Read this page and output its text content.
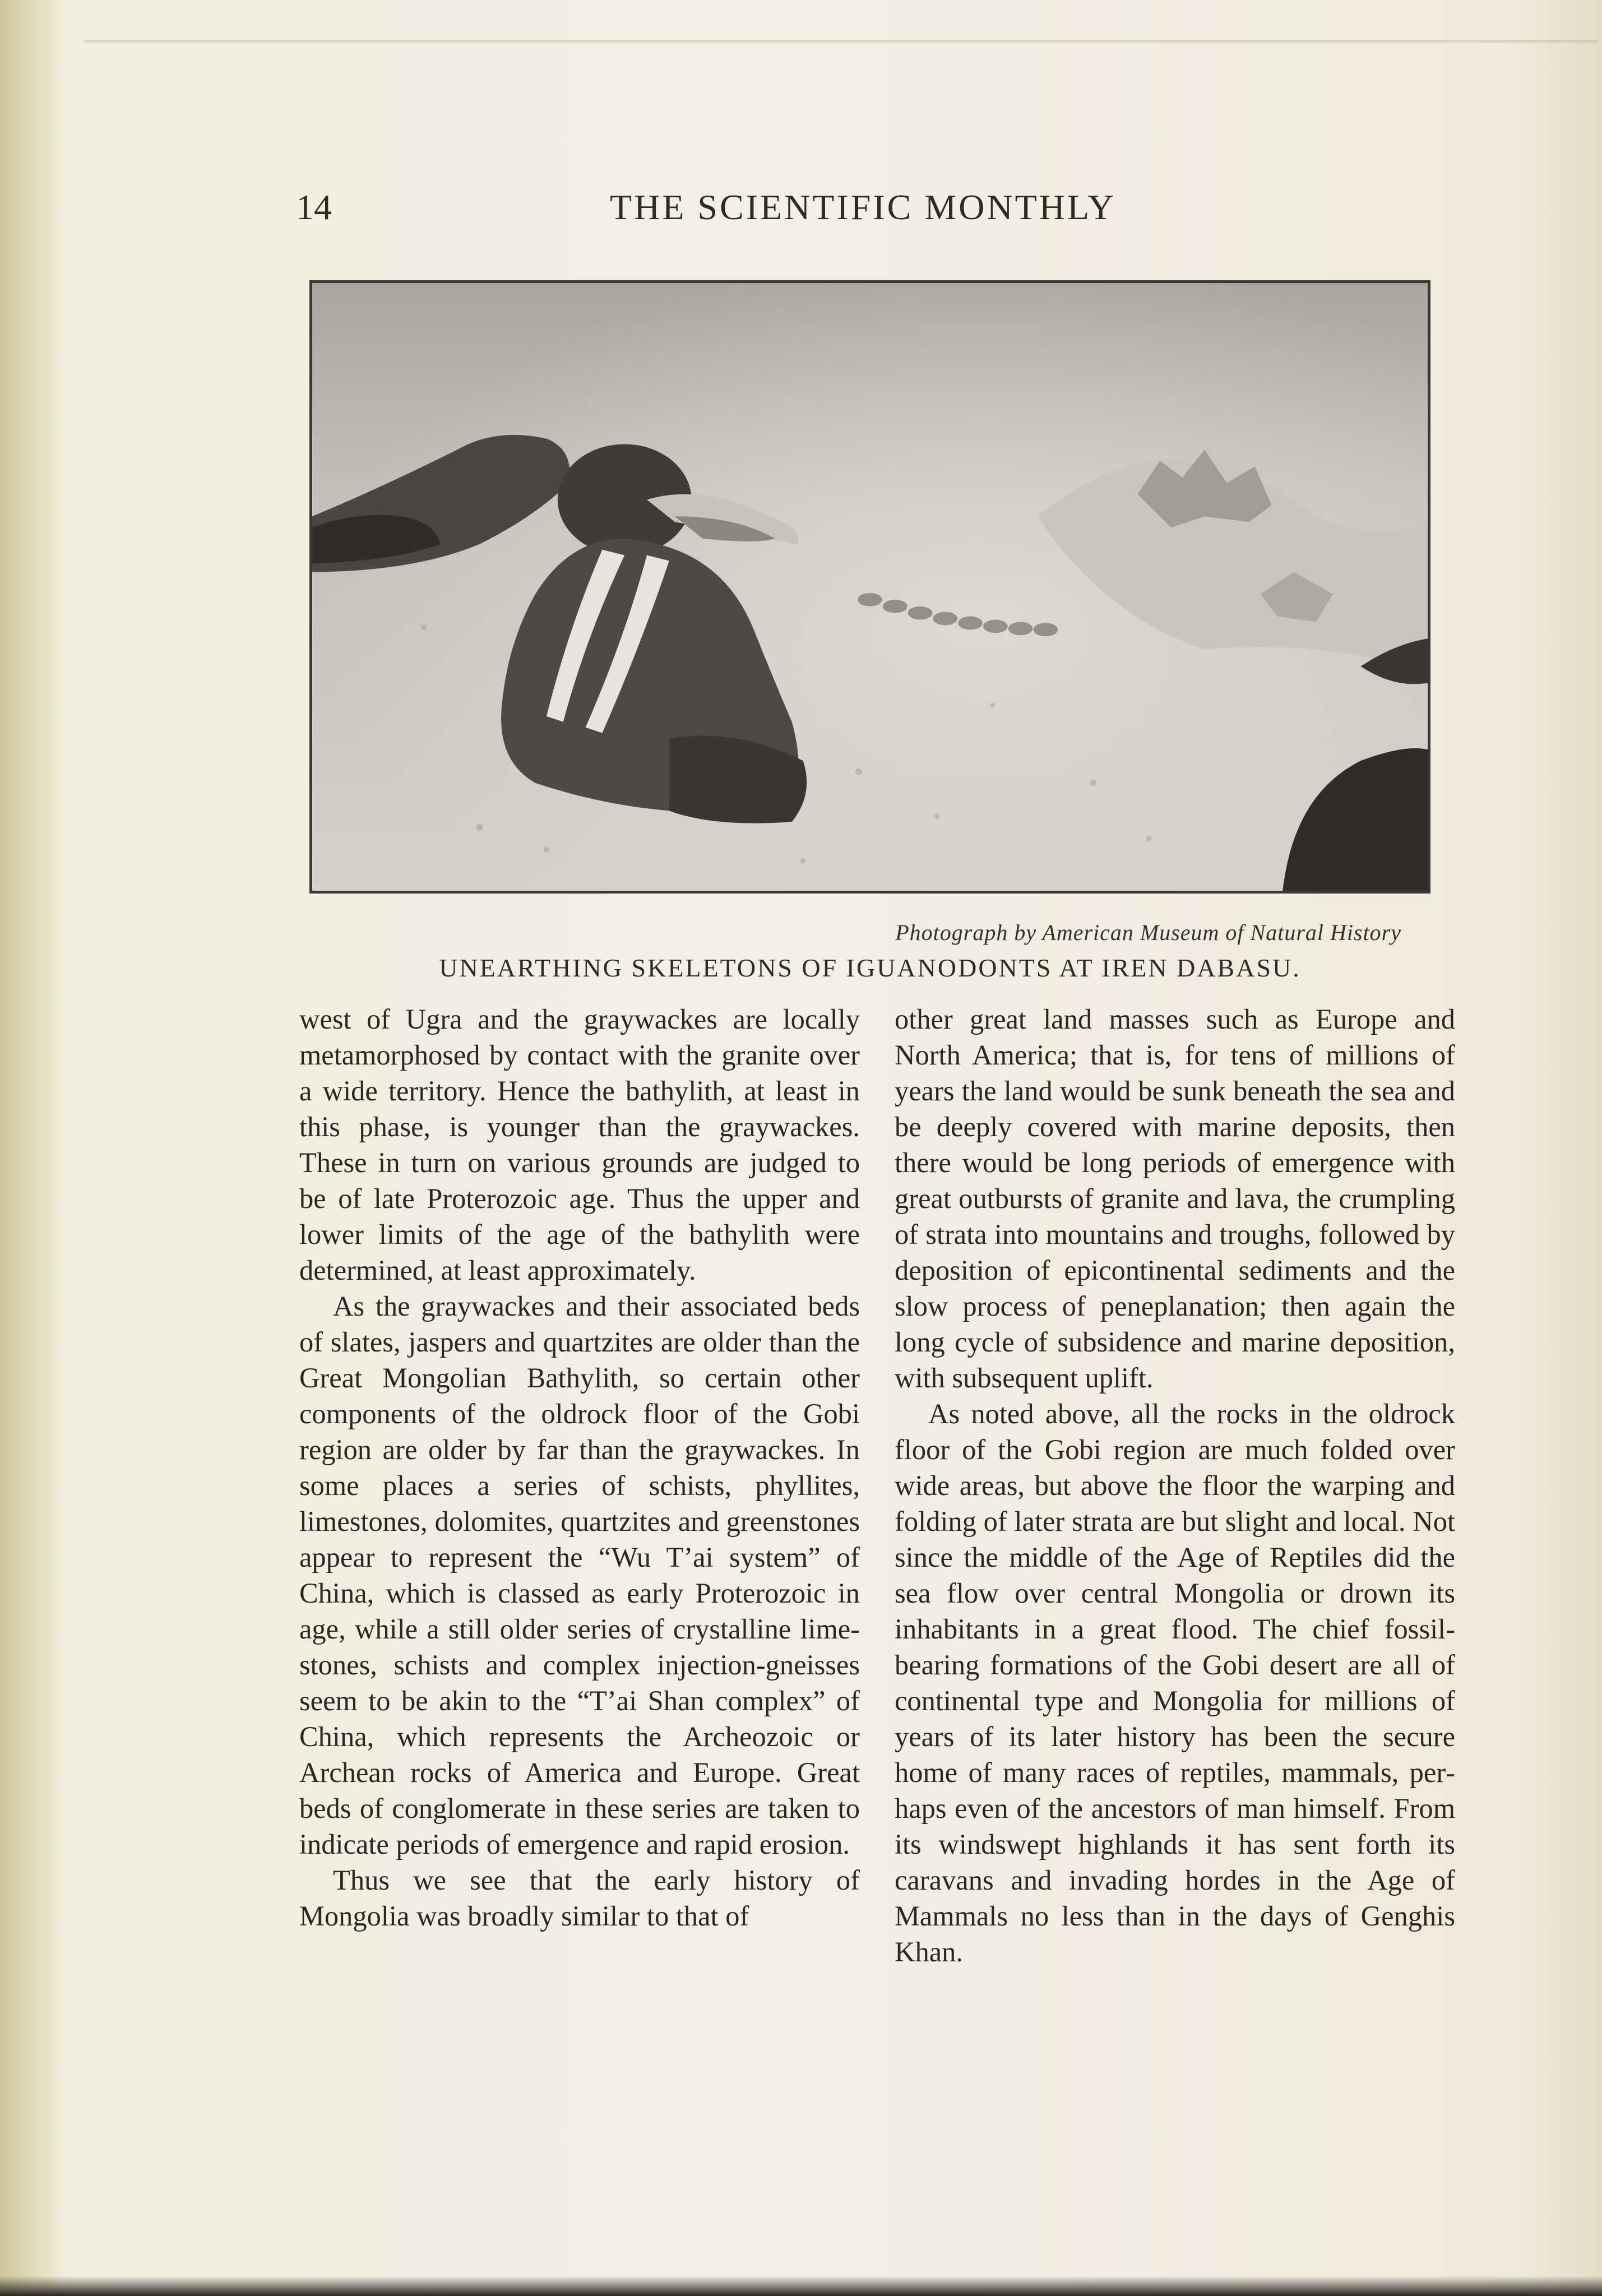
14	THE SCIENTIFIC MONTHLY
Photograph by American Museum of Natural History
UNEARTHING SKELETONS OF IGUANODONTS AT IREN DABASU.

west of Ugra and the graywackes are locally metamorphosed by contact with the granite over a wide territory. Hence the bathylith, at least in this phase, is younger than the graywackes. These in turn on various grounds are judged to be of late Proterozoic age. Thus the upper and lower limits of the age of the bathylith were determined, at least approximately.

As the graywackes and their associated beds of slates, jaspers and quartzites are older than the Great Mongolian Bathylith, so certain other components of the oldrock floor of the Gobi region are older by far than the graywackes. In some places a series of schists, phyllites, limestones, dolomites, quartzites and greenstones appear to represent the “Wu T’ai system” of China, which is classed as early Proterozoic in age, while a still older series of crystalline limestones, schists and complex injection-gneisses seem to be akin to the “T’ai Shan complex” of China, which represents the Archeozoic or Archean rocks of America and Europe. Great beds of conglomerate in these series are taken to indicate periods of emergence and rapid erosion.

Thus we see that the early history of Mongolia was broadly similar to that of

other great land masses such as Europe and North America; that is, for tens of millions of years the land would be sunk beneath the sea and be deeply covered with marine deposits, then there would be long periods of emergence with great outbursts of granite and lava, the crumpling of strata into mountains and troughs, followed by deposition of epicontinental sediments and the slow process of peneplanation; then again the long cycle of subsidence and marine deposition, with subsequent uplift.

As noted above, all the rocks in the oldrock floor of the Gobi region are much folded over wide areas, but above the floor the warping and folding of later strata are but slight and local. Not since the middle of the Age of Reptiles did the sea flow over central Mongolia or drown its inhabitants in a great flood. The chief fossil-bearing formations of the Gobi desert are all of continental type and Mongolia for millions of years of its later history has been the secure home of many races of reptiles, mammals, perhaps even of the ancestors of man himself. From its windswept highlands it has sent forth its caravans and invading hordes in the Age of Mammals no less than in the days of Genghis Khan.
